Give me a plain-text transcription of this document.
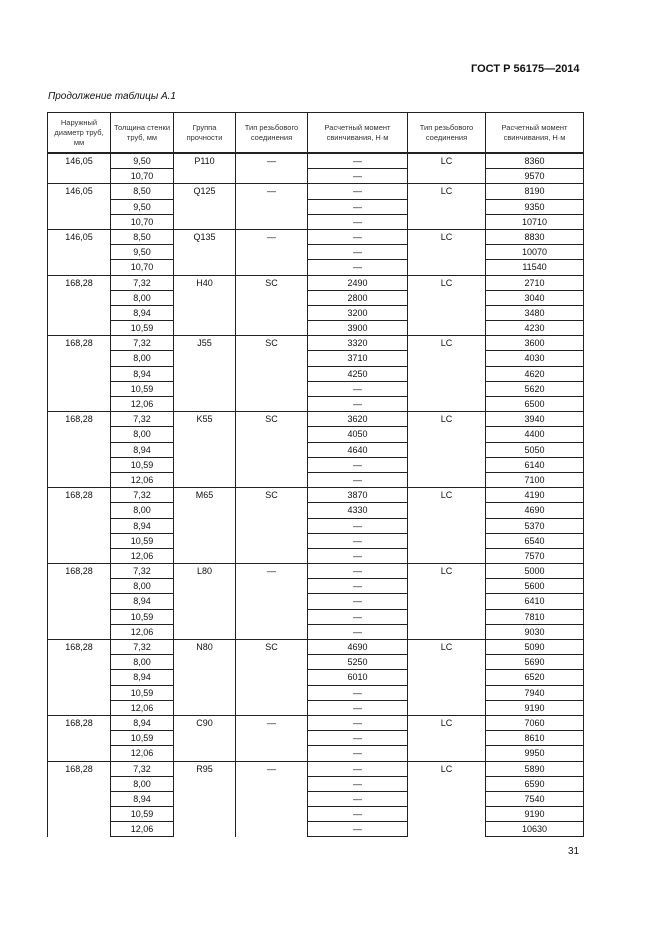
ГОСТ Р 56175—2014
Продолжение таблицы А.1
Наружный диаметр труб, мм	Толщина стенки труб, мм	Группа прочности	Тип резьбового соединения	Расчетный момент свинчивания, Н·м	Тип резьбового соединения	Расчетный момент свинчивания, Н·м
146,05	9,50	P110	—	—	LC	8360
	10,70			—		9570
146,05	8,50	Q125	—	—	LC	8190
	9,50			—		9350
	10,70			—		10710
146,05	8,50	Q135	—	—	LC	8830
	9,50			—		10070
	10,70			—		11540
168,28	7,32	H40	SC	2490	LC	2710
	8,00			2800		3040
	8,94			3200		3480
	10,59			3900		4230
168,28	7,32	J55	SC	3320	LC	3600
	8,00			3710		4030
	8,94			4250		4620
	10,59			—		5620
	12,06			—		6500
168,28	7,32	K55	SC	3620	LC	3940
	8,00			4050		4400
	8,94			4640		5050
	10,59			—		6140
	12,06			—		7100
168,28	7,32	M65	SC	3870	LC	4190
	8,00			4330		4690
	8,94			—		5370
	10,59			—		6540
	12,06			—		7570
168,28	7,32	L80	—	—	LC	5000
	8,00			—		5600
	8,94			—		6410
	10,59			—		7810
	12,06			—		9030
168,28	7,32	N80	SC	4690	LC	5090
	8,00			5250		5690
	8,94			6010		6520
	10,59			—		7940
	12,06			—		9190
168,28	8,94	C90	—	—	LC	7060
	10,59			—		8610
	12,06			—		9950
168,28	7,32	R95	—	—	LC	5890
	8,00			—		6590
	8,94			—		7540
	10,59			—		9190
	12,06			—		10630
31
